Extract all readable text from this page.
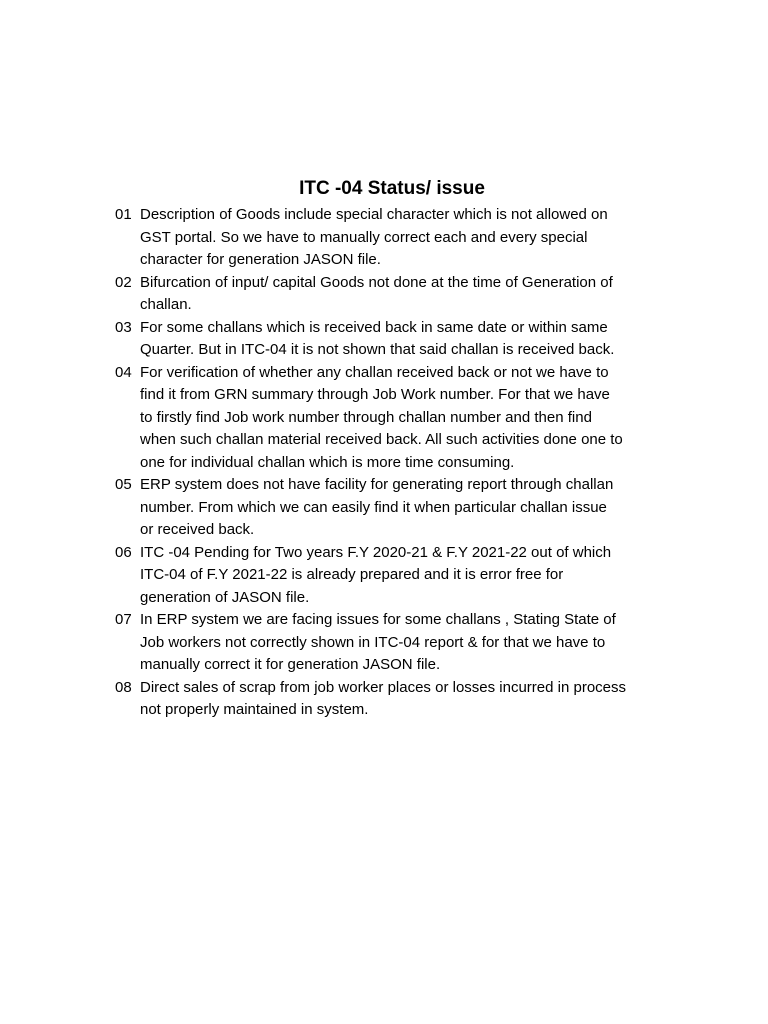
ITC -04 Status/ issue
01 Description of Goods include special character which is not allowed on
GST portal. So we have to manually correct each and every special
character for generation JASON file.
02 Bifurcation of input/ capital Goods not done at the time of Generation of
challan.
03 For some challans which is received back in same date or within same
Quarter. But in ITC-04 it is not shown that said challan is received back.
04 For verification of whether any challan received back or not we have to
find it from GRN summary through Job Work number. For that we have
to firstly find Job work number through challan number and then find
when such challan material received back. All such activities done one to
one for individual challan which is more time consuming.
05 ERP system does not have facility for generating report through challan
number. From which we can easily find it when particular challan issue
or received back.
06 ITC -04 Pending for Two years F.Y 2020-21 & F.Y 2021-22 out of which
ITC-04 of F.Y 2021-22 is already prepared and it is error free for
generation of JASON file.
07 In ERP system we are facing issues for some challans , Stating State of
Job workers not correctly shown in ITC-04 report & for that we have to
manually correct it for generation JASON file.
08 Direct sales of scrap from job worker places or losses incurred in process
not properly maintained in system.
